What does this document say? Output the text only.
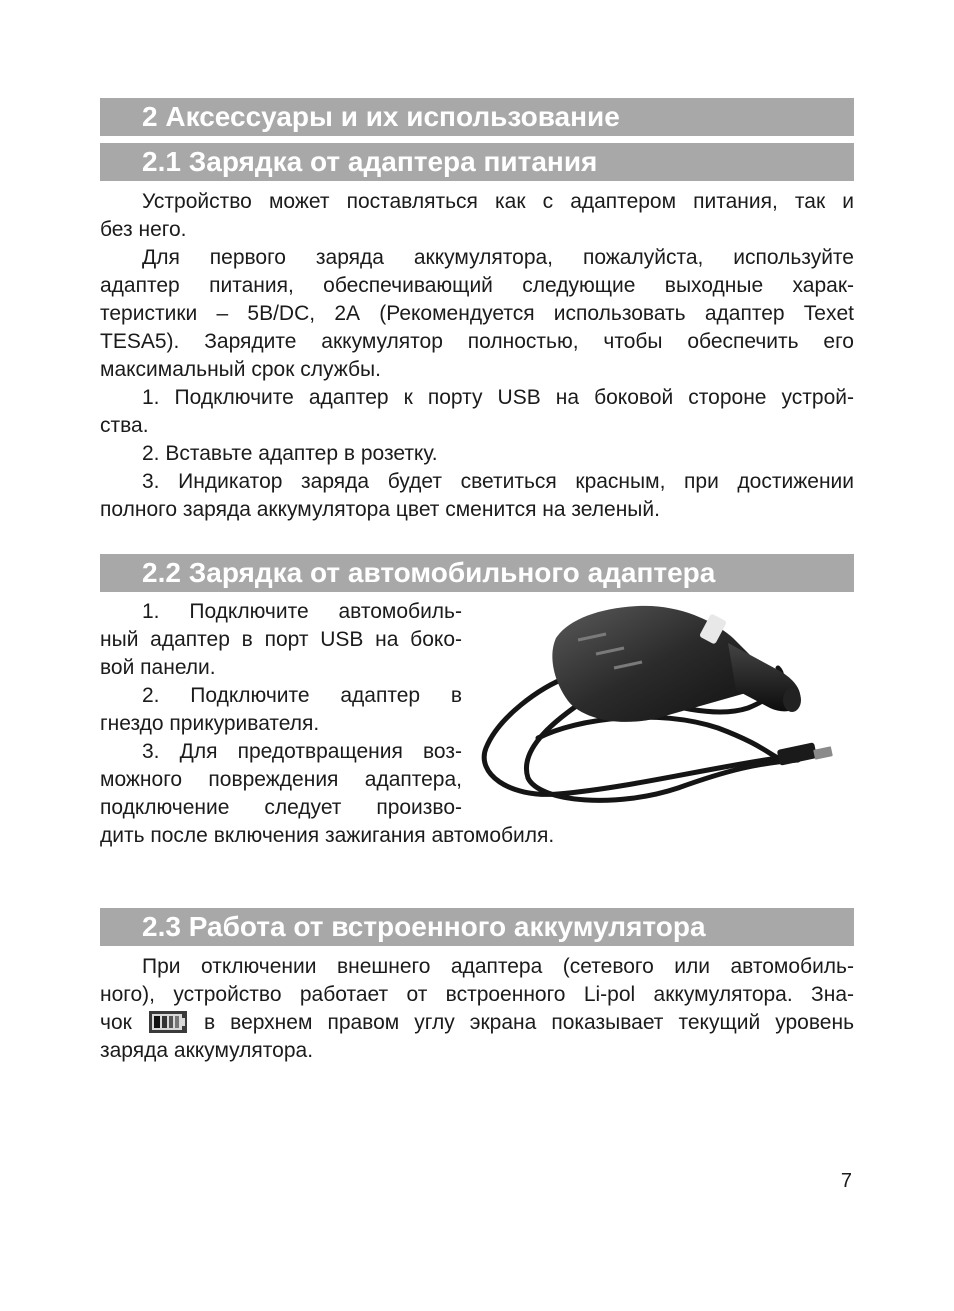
2 Аксессуары и их использование
2.1 Зарядка от адаптера питания

Устройство может поставляться как с адаптером питания, так и

без него.

Для первого заряда аккумулятора, пожалуйста, используйте

адаптер питания, обеспечивающий следующие выходные харак-

теристики – 5В/DC, 2А (Рекомендуется использовать адаптер Texet

TESA5). Зарядите аккумулятор полностью, чтобы обеспечить его

максимальный срок службы.

1. Подключите адаптер к порту USB на боковой стороне устрой-

ства.

2. Вставьте адаптер в розетку.

3. Индикатор заряда будет светиться красным, при достижении

полного заряда аккумулятора цвет сменится на зеленый.

2.2 Зарядка от автомобильного адаптера

1. Подключите автомобиль-

ный адаптер в порт USB на боко-

вой панели.

2. Подключите адаптер в

гнездо прикуривателя.

3. Для предотвращения воз-

можного повреждения адаптера,

подключение следует произво-

дить после включения зажигания автомобиля.
2.3 Работа от встроенного аккумулятора

При отключении внешнего адаптера (сетевого или автомобиль-

ного), устройство работает от встроенного Li-pol аккумулятора. Зна-

чок	в верхнем правом углу экрана показывает текущий уровень

заряда аккумулятора.

7
